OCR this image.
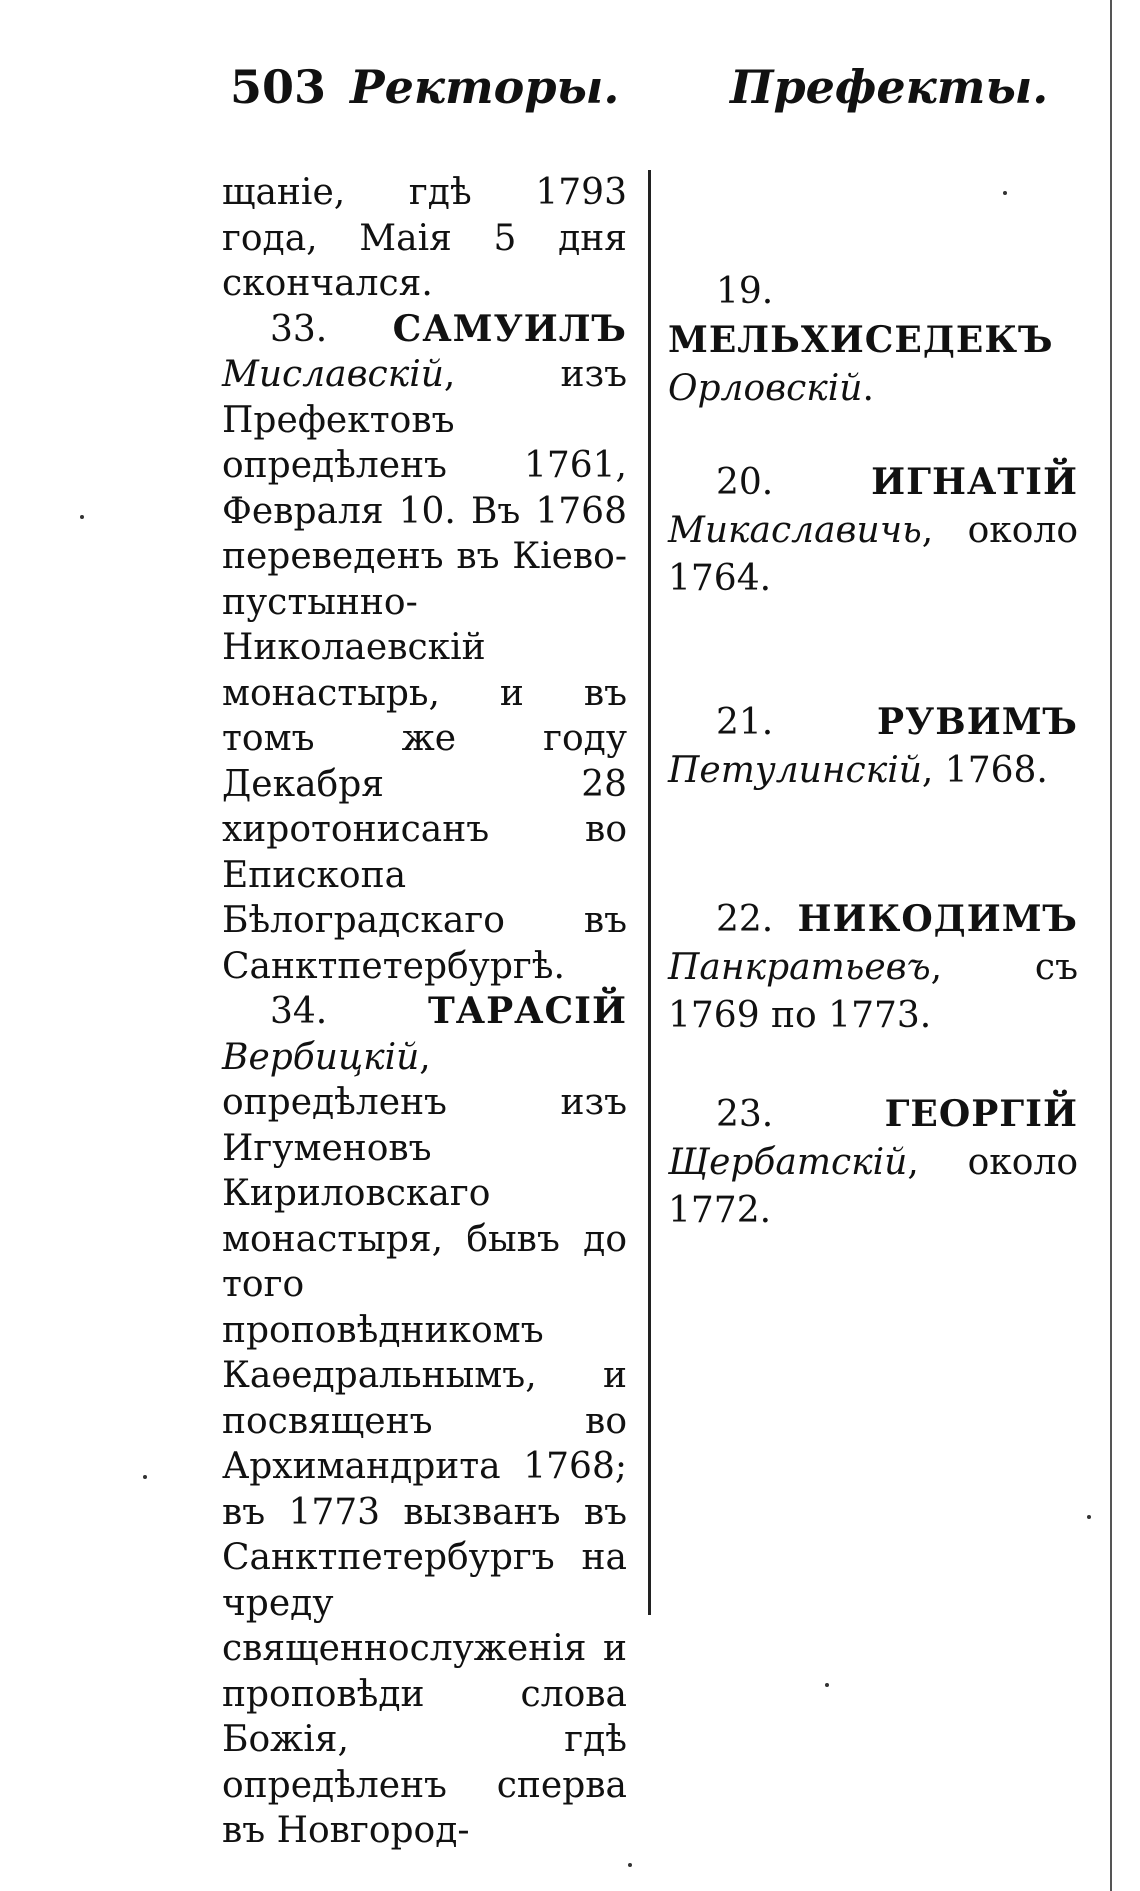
503 Ректоры. Префекты.

щаніе, гдѣ 1793 года, Маія 5 дня скончался.

33. САМУИЛЪ Миславскій, изъ Префектовъ опредѣленъ 1761, Февраля 10. Въ 1768 переведенъ въ Кіево-пустынно-Николаевскій монастырь, и въ томъ же году Декабря 28 хиротонисанъ во Епископа Бѣлоградскаго въ Санктпетербургѣ.

34.	ТАРАСІЙ Вербицкій, опредѣленъ изъ Игуменовъ Кириловскаго монастыря, бывъ до того проповѣдникомъ Каѳедральнымъ, и посвященъ во Архимандрита 1768; въ 1773 вызванъ въ Санктпетербургъ на чреду священнослуженія и проповѣди слова Божія, гдѣ опредѣленъ сперва въ Новгород-

19. МЕЛЬХИСЕДЕКЪ Орловскій.

20.	ИГНАТІЙ Микаславичь, около 1764.

21.	РУВИМЪ Петулинскій, 1768.

22. НИКОДИМЪ Панкратьевъ, съ 1769 по 1773.

23.	ГЕОРГІЙ Щербатскій, около 1772.
